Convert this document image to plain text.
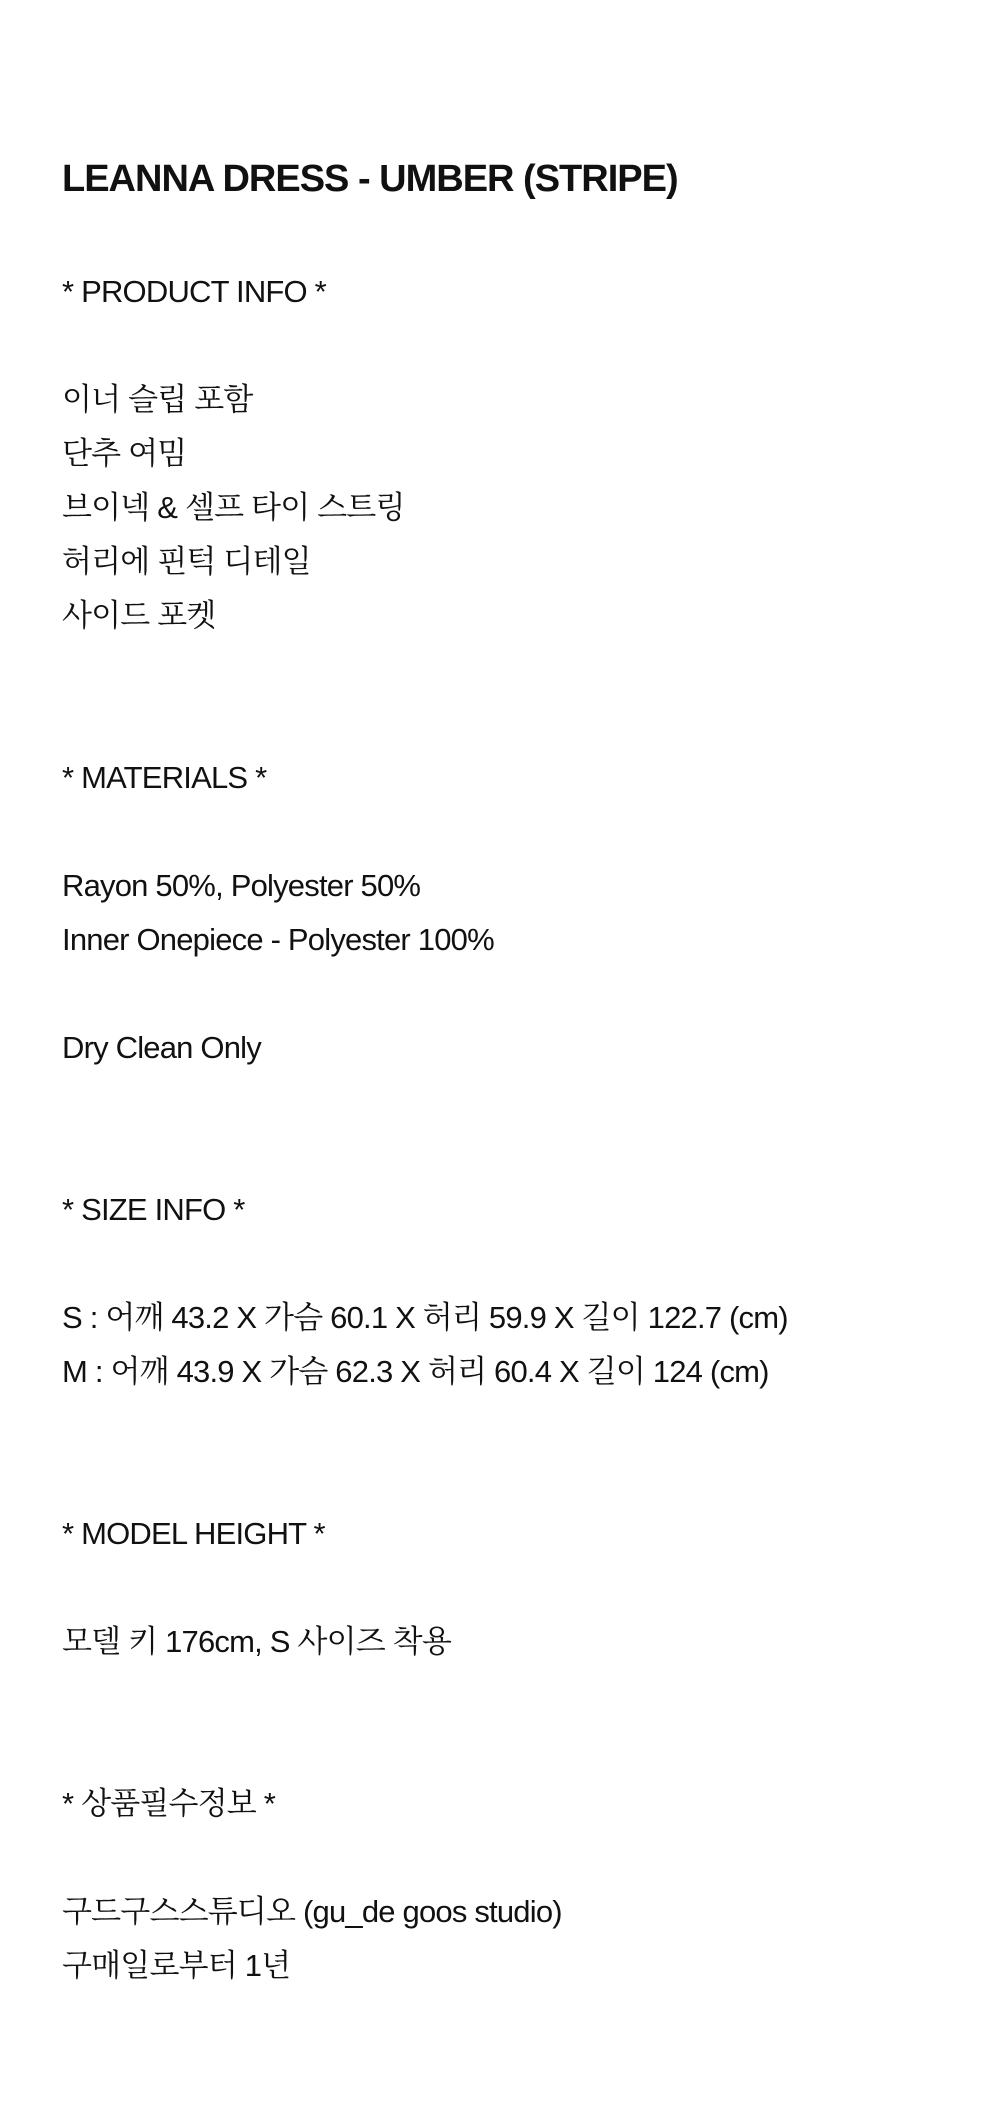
LEANNA DRESS - UMBER (STRIPE)
* PRODUCT INFO *
이너 슬립 포함
단추 여밈
브이넥 & 셀프 타이 스트링
허리에 핀턱 디테일
사이드 포켓
* MATERIALS *
Rayon 50%, Polyester 50%
Inner Onepiece - Polyester 100%
Dry Clean Only
* SIZE INFO *
S : 어깨 43.2 X 가슴 60.1 X 허리 59.9 X 길이 122.7 (cm)
M : 어깨 43.9 X 가슴 62.3 X 허리 60.4 X 길이 124 (cm)
* MODEL HEIGHT *
모델 키 176cm, S 사이즈 착용
* 상품필수정보 *
구드구스스튜디오 (gu_de goos studio)
구매일로부터 1년
